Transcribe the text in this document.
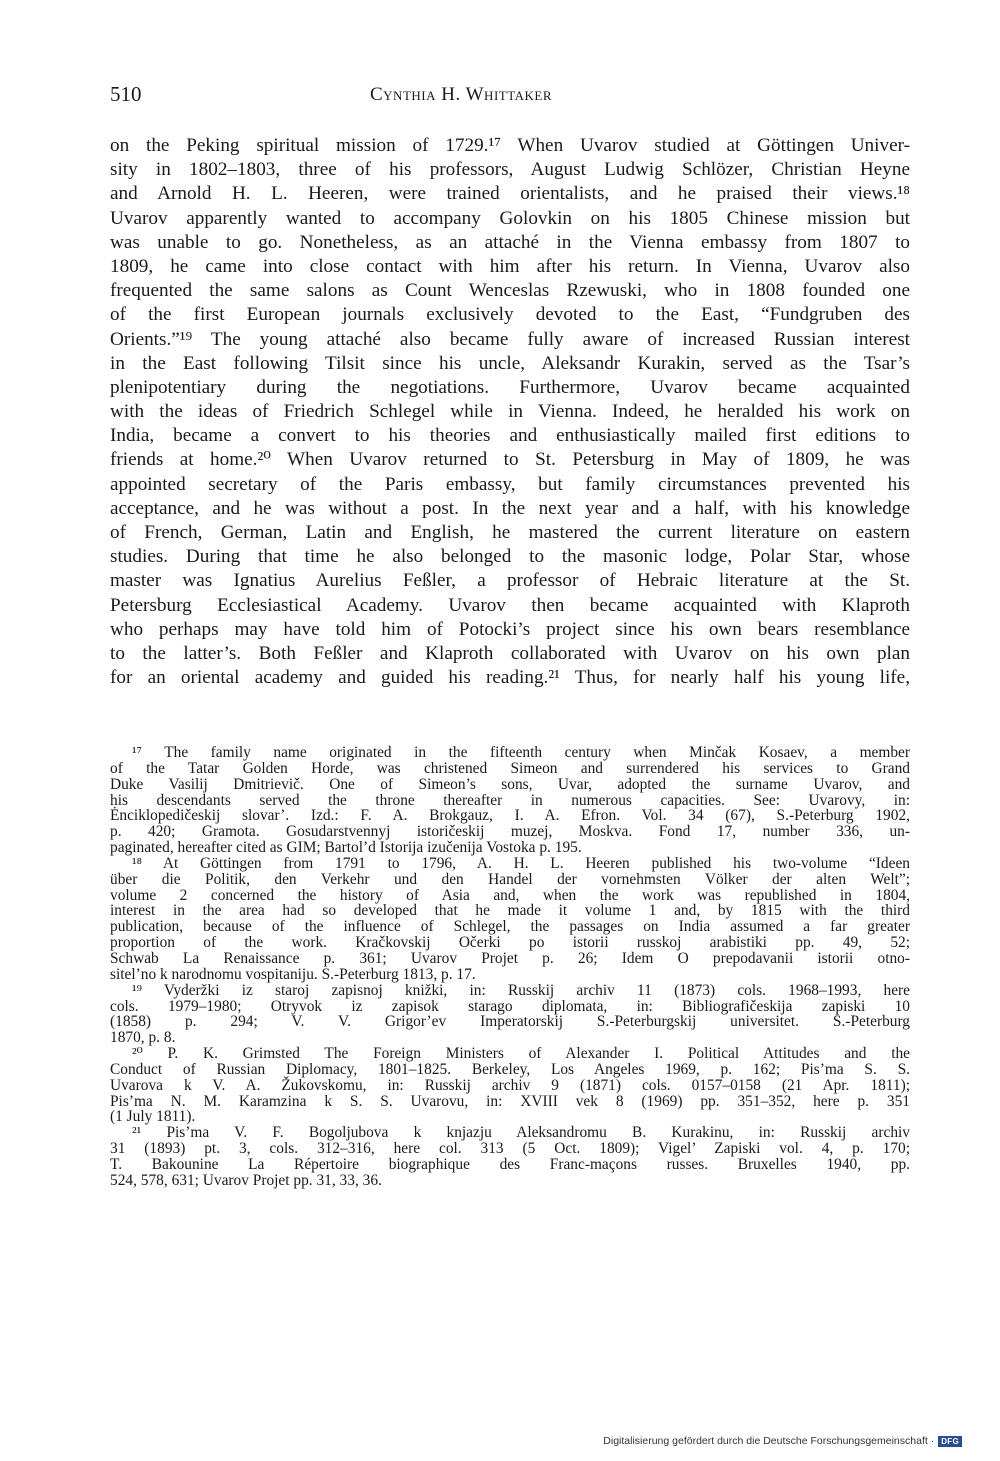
510	Cynthia H. Whittaker
on the Peking spiritual mission of 1729.¹⁷ When Uvarov studied at Göttingen Univer-
sity in 1802–1803, three of his professors, August Ludwig Schlözer, Christian Heyne
and Arnold H. L. Heeren, were trained orientalists, and he praised their views.¹⁸
Uvarov apparently wanted to accompany Golovkin on his 1805 Chinese mission but
was unable to go. Nonetheless, as an attaché in the Vienna embassy from 1807 to
1809, he came into close contact with him after his return. In Vienna, Uvarov also
frequented the same salons as Count Wenceslas Rzewuski, who in 1808 founded one
of the first European journals exclusively devoted to the East, “Fundgruben des
Orients.”¹⁹ The young attaché also became fully aware of increased Russian interest
in the East following Tilsit since his uncle, Aleksandr Kurakin, served as the Tsar’s
plenipotentiary during the negotiations. Furthermore, Uvarov became acquainted
with the ideas of Friedrich Schlegel while in Vienna. Indeed, he heralded his work on
India, became a convert to his theories and enthusiastically mailed first editions to
friends at home.²⁰ When Uvarov returned to St. Petersburg in May of 1809, he was
appointed secretary of the Paris embassy, but family circumstances prevented his
acceptance, and he was without a post. In the next year and a half, with his knowledge
of French, German, Latin and English, he mastered the current literature on eastern
studies. During that time he also belonged to the masonic lodge, Polar Star, whose
master was Ignatius Aurelius Feßler, a professor of Hebraic literature at the St.
Petersburg Ecclesiastical Academy. Uvarov then became acquainted with Klaproth
who perhaps may have told him of Potocki’s project since his own bears resemblance
to the latter’s. Both Feßler and Klaproth collaborated with Uvarov on his own plan
for an oriental academy and guided his reading.²¹ Thus, for nearly half his young life,
¹⁷ The family name originated in the fifteenth century when Minčak Kosaev, a member
of the Tatar Golden Horde, was christened Simeon and surrendered his services to Grand
Duke Vasilij Dmitrievič. One of Simeon’s sons, Uvar, adopted the surname Uvarov, and
his descendants served the throne thereafter in numerous capacities. See: Uvarovy, in:
Ėnciklopedičeskij slovar’. Izd.: F. A. Brokgauz, I. A. Efron. Vol. 34 (67), S.-Peterburg 1902,
p. 420; Gramota. Gosudarstvennyj istoričeskij muzej, Moskva. Fond 17, number 336, un-
paginated, hereafter cited as GIM; Bartol’d Istorija izučenija Vostoka p. 195.
¹⁸ At Göttingen from 1791 to 1796, A. H. L. Heeren published his two-volume “Ideen
über die Politik, den Verkehr und den Handel der vornehmsten Völker der alten Welt”;
volume 2 concerned the history of Asia and, when the work was republished in 1804,
interest in the area had so developed that he made it volume 1 and, by 1815 with the third
publication, because of the influence of Schlegel, the passages on India assumed a far greater
proportion of the work. Kračkovskij Očerki po istorii russkoj arabistiki pp. 49, 52;
Schwab La Renaissance p. 361; Uvarov Projet p. 26; Idem O prepodavanii istorii otno-
sitel’no k narodnomu vospitaniju. S.-Peterburg 1813, p. 17.
¹⁹ Vyderžki iz staroj zapisnoj knižki, in: Russkij archiv 11 (1873) cols. 1968–1993, here
cols. 1979–1980; Otryvok iz zapisok starago diplomata, in: Bibliografičeskija zapiski 10
(1858) p. 294; V. V. Grigor’ev Imperatorskij S.-Peterburgskij universitet. S.-Peterburg
1870, p. 8.
²⁰ P. K. Grimsted The Foreign Ministers of Alexander I. Political Attitudes and the
Conduct of Russian Diplomacy, 1801–1825. Berkeley, Los Angeles 1969, p. 162; Pis’ma S. S.
Uvarova k V. A. Žukovskomu, in: Russkij archiv 9 (1871) cols. 0157–0158 (21 Apr. 1811);
Pis’ma N. M. Karamzina k S. S. Uvarovu, in: XVIII vek 8 (1969) pp. 351–352, here p. 351
(1 July 1811).
²¹ Pis’ma V. F. Bogoljubova k knjazju Aleksandromu B. Kurakinu, in: Russkij archiv
31 (1893) pt. 3, cols. 312–316, here col. 313 (5 Oct. 1809); Vigel’ Zapiski vol. 4, p. 170;
T. Bakounine La Répertoire biographique des Franc-maçons russes. Bruxelles 1940, pp.
524, 578, 631; Uvarov Projet pp. 31, 33, 36.
Digitalisierung gefördert durch die Deutsche Forschungsgemeinschaft · DFG
